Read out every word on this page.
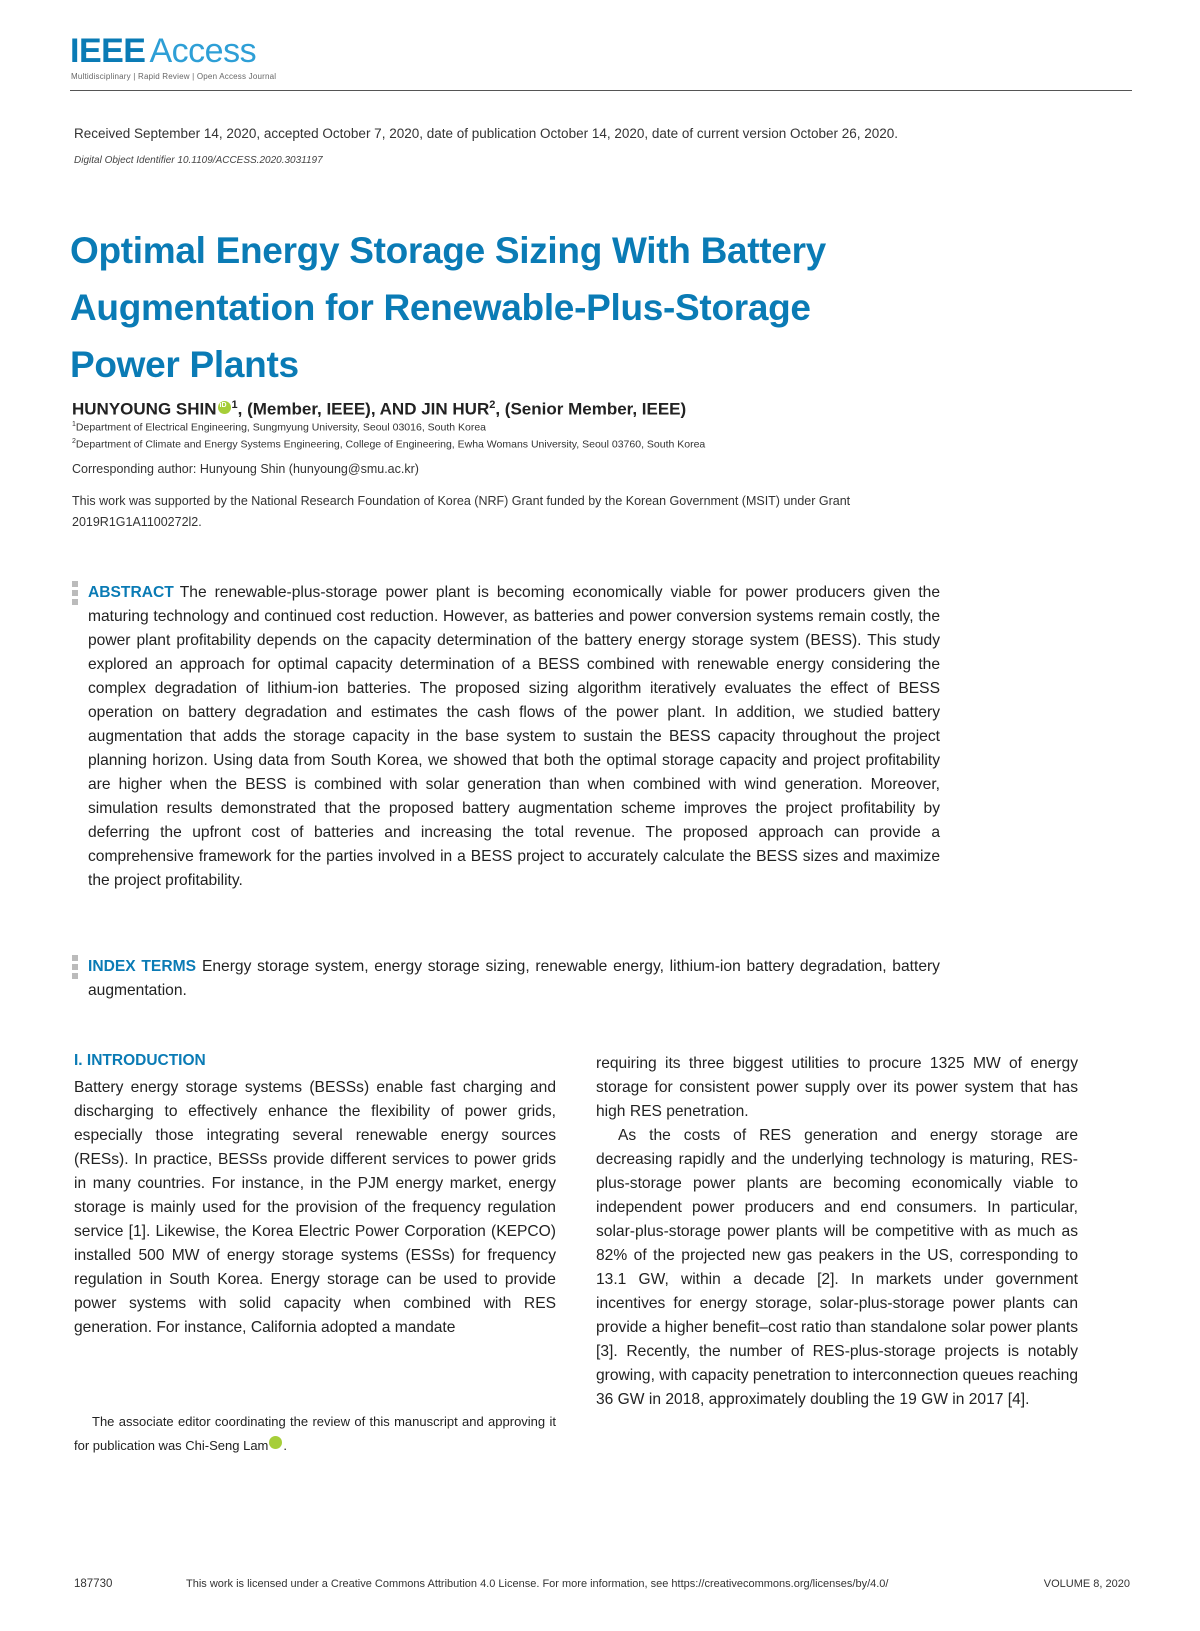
IEEE Access
Multidisciplinary | Rapid Review | Open Access Journal
Received September 14, 2020, accepted October 7, 2020, date of publication October 14, 2020, date of current version October 26, 2020.
Digital Object Identifier 10.1109/ACCESS.2020.3031197
Optimal Energy Storage Sizing With Battery
Augmentation for Renewable-Plus-Storage
Power Plants
HUNYOUNG SHINiD $^1$, (Member, IEEE), AND JIN HUR$^2$, (Senior Member, IEEE)
$^1$Department of Electrical Engineering, Sungmyung University, Seoul 03016, South Korea
$^2$Department of Climate and Energy Systems Engineering, College of Engineering, Ewha Womans University, Seoul 03760, South Korea
Corresponding author: Hunyoung Shin (hunyoung@smu.ac.kr)
This work was supported by the National Research Foundation of Korea (NRF) Grant funded by the Korean Government (MSIT) under Grant 2019R1G1A1100272l2.

ABSTRACT The renewable-plus-storage power plant is becoming economically viable for power producers given the maturing technology and continued cost reduction. However, as batteries and power conversion systems remain costly, the power plant profitability depends on the capacity determination of the battery energy storage system (BESS). This study explored an approach for optimal capacity determination of a BESS combined with renewable energy considering the complex degradation of lithium-ion batteries. The proposed sizing algorithm iteratively evaluates the effect of BESS operation on battery degradation and estimates the cash flows of the power plant. In addition, we studied battery augmentation that adds the storage capacity in the base system to sustain the BESS capacity throughout the project planning horizon. Using data from South Korea, we showed that both the optimal storage capacity and project profitability are higher when the BESS is combined with solar generation than when combined with wind generation. Moreover, simulation results demonstrated that the proposed battery augmentation scheme improves the project profitability by deferring the upfront cost of batteries and increasing the total revenue. The proposed approach can provide a comprehensive framework for the parties involved in a BESS project to accurately calculate the BESS sizes and maximize the project profitability.

INDEX TERMS Energy storage system, energy storage sizing, renewable energy, lithium-ion battery degradation, battery augmentation.

I. INTRODUCTION

Battery energy storage systems (BESSs) enable fast charging and discharging to effectively enhance the flexibility of power grids, especially those integrating several renewable energy sources (RESs). In practice, BESSs provide different services to power grids in many countries. For instance, in the PJM energy market, energy storage is mainly used for the provision of the frequency regulation service [1]. Likewise, the Korea Electric Power Corporation (KEPCO) installed 500 MW of energy storage systems (ESSs) for frequency regulation in South Korea. Energy storage can be used to provide power systems with solid capacity when combined with RES generation. For instance, California adopted a mandate

requiring its three biggest utilities to procure 1325 MW of energy storage for consistent power supply over its power system that has high RES penetration.

As the costs of RES generation and energy storage are decreasing rapidly and the underlying technology is maturing, RES-plus-storage power plants are becoming economically viable to independent power producers and end consumers. In particular, solar-plus-storage power plants will be competitive with as much as 82% of the projected new gas peakers in the US, corresponding to 13.1 GW, within a decade [2]. In markets under government incentives for energy storage, solar-plus-storage power plants can provide a higher benefit–cost ratio than standalone solar power plants [3]. Recently, the number of RES-plus-storage projects is notably growing, with capacity penetration to interconnection queues reaching 36 GW in 2018, approximately doubling the 19 GW in 2017 [4].

The associate editor coordinating the review of this manuscript and approving it for publication was Chi-Seng LamiD

187730	This work is licensed under a Creative Commons Attribution 4.0 License. For more information, see https://creativecommons.org/licenses/by/4.0/	VOLUME 8, 2020
